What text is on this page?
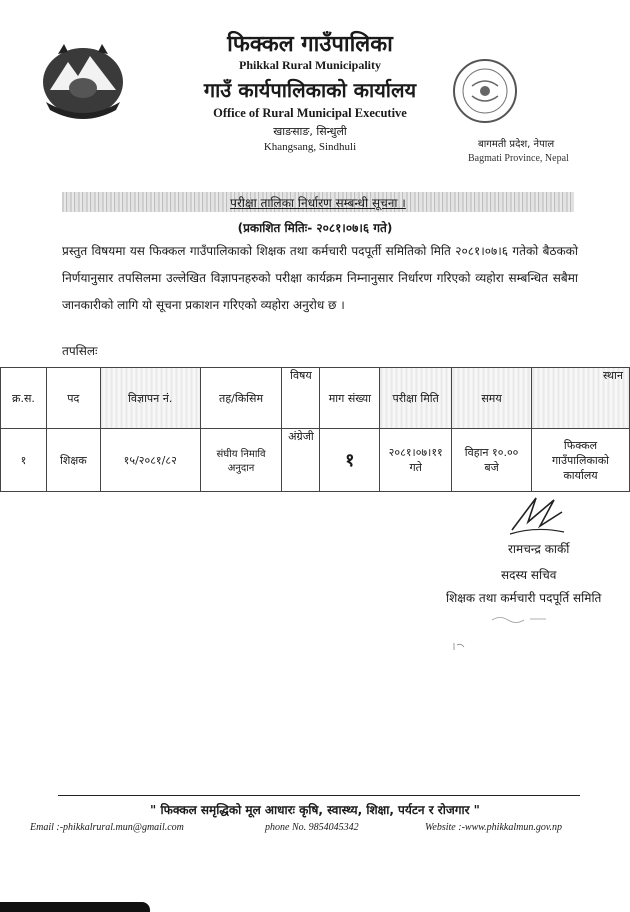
फिक्कल गाउँपालिका
Phikkal Rural Municipality
गाउँ कार्यपालिकाको कार्यालय
Office of Rural Municipal Executive
खाङसाङ, सिन्धुली
Khangsang, Sindhuli	बागमती प्रदेश, नेपाल
Bagmati Province, Nepal
परीक्षा तालिका निर्धारण सम्बन्धी सूचना ।
(प्रकाशित मितिः- २०८१।०७।६ गते)
प्रस्तुत विषयमा यस फिक्कल गाउँपालिकाको शिक्षक तथा कर्मचारी पदपूर्ती समितिको मिति २०८१।०७।६ गतेको बैठकको निर्णयानुसार तपसिलमा उल्लेखित विज्ञापनहरुको परीक्षा कार्यक्रम निम्नानुसार निर्धारण गरिएको व्यहोरा सम्बन्धित सबैमा जानकारीको लागि यो सूचना प्रकाशन गरिएको व्यहोरा अनुरोध छ ।
तपसिलः
क्र.स.	पद	विज्ञापन नं.	तह/किसिम	विषय	माग संख्या	परीक्षा मिति	समय	स्थान
१	शिक्षक	१५/२०८१/८२	संघीय निमावि अनुदान	अंग्रेजी	१	२०८१।०७।११ गते	विहान १०.०० बजे	फिक्कल गाउँपालिकाको कार्यालय
रामचन्द्र कार्की
सदस्य सचिव
शिक्षक तथा कर्मचारी पदपूर्ति समिति
" फिक्कल समृद्धिको मूल आधारः कृषि, स्वास्थ्य, शिक्षा, पर्यटन र रोजगार "
Email :-phikkalrural.mun@gmail.com	phone No. 9854045342	Website :-www.phikkalmun.gov.np
